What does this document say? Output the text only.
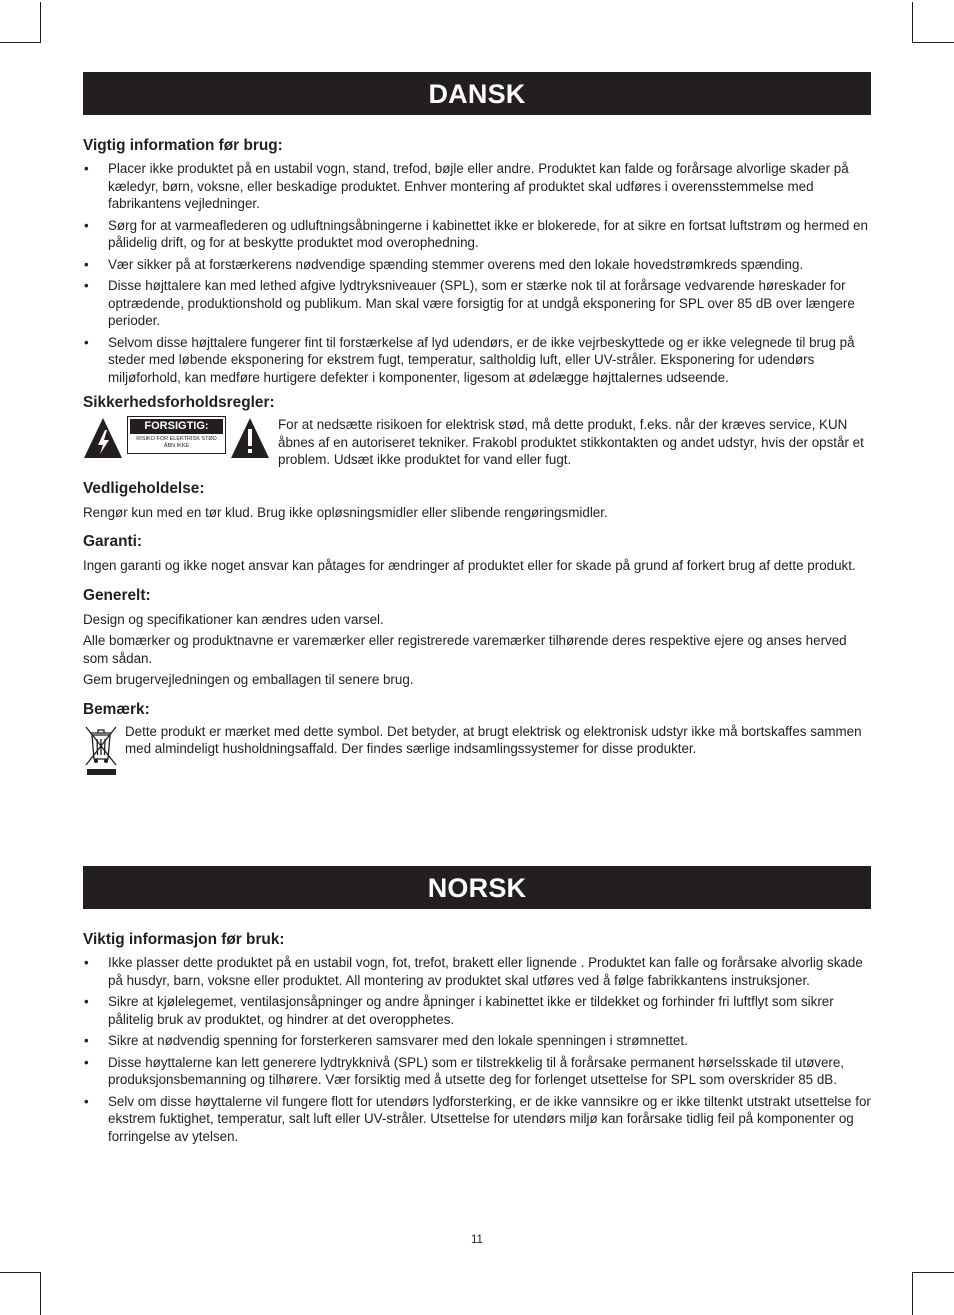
DANSK
Vigtig information før brug:
• Placer ikke produktet på en ustabil vogn, stand, trefod, bøjle eller andre. Produktet kan falde og forårsage alvorlige skader på kæledyr, børn, voksne, eller beskadige produktet. Enhver montering af produktet skal udføres i overensstemmelse med fabrikantens vejledninger.
• Sørg for at varmeaflederen og udluftningsåbningerne i kabinettet ikke er blokerede, for at sikre en fortsat luftstrøm og hermed en pålidelig drift, og for at beskytte produktet mod overophedning.
• Vær sikker på at forstærkerens nødvendige spænding stemmer overens med den lokale hovedstrømkreds spænding.
• Disse højttalere kan med lethed afgive lydtryksniveauer (SPL), som er stærke nok til at forårsage vedvarende høreskader for optrædende, produktionshold og publikum. Man skal være forsigtig for at undgå eksponering for SPL over 85 dB over længere perioder.
• Selvom disse højttalere fungerer fint til forstærkelse af lyd udendørs, er de ikke vejrbeskyttede og er ikke velegnede til brug på steder med løbende eksponering for ekstrem fugt, temperatur, saltholdig luft, eller UV-stråler. Eksponering for udendørs miljøforhold, kan medføre hurtigere defekter i komponenter, ligesom at ødelægge højttalernes udseende.
Sikkerhedsforholdsregler:
FORSIGTIG:
RISIKO FOR ELEKTRISK STØD
ÅBN IKKE

For at nedsætte risikoen for elektrisk stød, må dette produkt, f.eks. når der kræves service, KUN åbnes af en autoriseret tekniker. Frakobl produktet stikkontakten og andet udstyr, hvis der opstår et problem. Udsæt ikke produktet for vand eller fugt.

Vedligeholdelse:

Rengør kun med en tør klud. Brug ikke opløsningsmidler eller slibende rengøringsmidler.

Garanti:

Ingen garanti og ikke noget ansvar kan påtages for ændringer af produktet eller for skade på grund af forkert brug af dette produkt.

Generelt:

Design og specifikationer kan ændres uden varsel.

Alle bomærker og produktnavne er varemærker eller registrerede varemærker tilhørende deres respektive ejere og anses herved som sådan.

Gem brugervejledningen og emballagen til senere brug.

Bemærk:

Dette produkt er mærket med dette symbol. Det betyder, at brugt elektrisk og elektronisk udstyr ikke må bortskaffes sammen med almindeligt husholdningsaffald. Der findes særlige indsamlingssystemer for disse produkter.

NORSK
Viktig informasjon før bruk:
• Ikke plasser dette produktet på en ustabil vogn, fot, trefot, brakett eller lignende . Produktet kan falle og forårsake alvorlig skade på husdyr, barn, voksne eller produktet. All montering av produktet skal utføres ved å følge fabrikkantens instruksjoner.
• Sikre at kjølelegemet, ventilasjonsåpninger og andre åpninger i kabinettet ikke er tildekket og forhinder fri luftflyt som sikrer pålitelig bruk av produktet, og hindrer at det overopphetes.
• Sikre at nødvendig spenning for forsterkeren samsvarer med den lokale spenningen i strømnettet.
• Disse høyttalerne kan lett generere lydtrykknivå (SPL) som er tilstrekkelig til å forårsake permanent hørselsskade til utøvere, produksjonsbemanning og tilhørere. Vær forsiktig med å utsette deg for forlenget utsettelse for SPL som overskrider 85 dB.
• Selv om disse høyttalerne vil fungere flott for utendørs lydforsterking, er de ikke vannsikre og er ikke tiltenkt utstrakt utsettelse for ekstrem fuktighet, temperatur, salt luft eller UV-stråler. Utsettelse for utendørs miljø kan forårsake tidlig feil på komponenter og forringelse av ytelsen.
11
